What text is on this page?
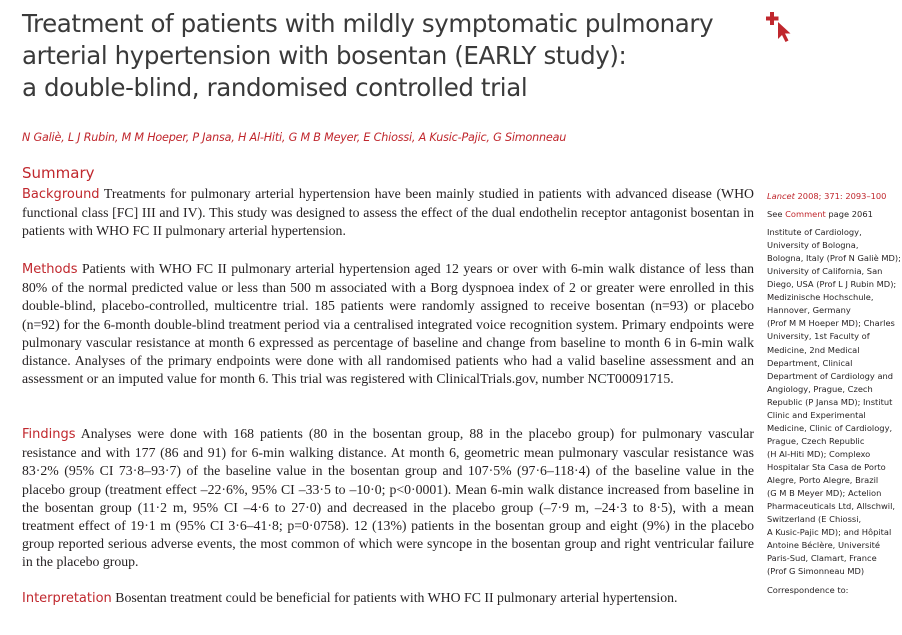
Treatment of patients with mildly symptomatic pulmonary
arterial hypertension with bosentan (EARLY study):
a double-blind, randomised controlled trial
N Galiè, L J Rubin, M M Hoeper, P Jansa, H Al-Hiti, G M B Meyer, E Chiossi, A Kusic-Pajic, G Simonneau
Summary

Background Treatments for pulmonary arterial hypertension have been mainly studied in patients with advanced disease (WHO functional class [FC] III and IV). This study was designed to assess the effect of the dual endothelin receptor antagonist bosentan in patients with WHO FC II pulmonary arterial hypertension.

Methods Patients with WHO FC II pulmonary arterial hypertension aged 12 years or over with 6-min walk distance of less than 80% of the normal predicted value or less than 500 m associated with a Borg dyspnoea index of 2 or greater were enrolled in this double-blind, placebo-controlled, multicentre trial. 185 patients were randomly assigned to receive bosentan (n=93) or placebo (n=92) for the 6-month double-blind treatment period via a centralised integrated voice recognition system. Primary endpoints were pulmonary vascular resistance at month 6 expressed as percentage of baseline and change from baseline to month 6 in 6-min walk distance. Analyses of the primary endpoints were done with all randomised patients who had a valid baseline assessment and an assessment or an imputed value for month 6. This trial was registered with ClinicalTrials.gov, number NCT00091715.

Findings Analyses were done with 168 patients (80 in the bosentan group, 88 in the placebo group) for pulmonary vascular resistance and with 177 (86 and 91) for 6-min walking distance. At month 6, geometric mean pulmonary vascular resistance was 83·2% (95% CI 73·8–93·7) of the baseline value in the bosentan group and 107·5% (97·6–118·4) of the baseline value in the placebo group (treatment effect –22·6%, 95% CI –33·5 to –10·0; p<0·0001). Mean 6-min walk distance increased from baseline in the bosentan group (11·2 m, 95% CI –4·6 to 27·0) and decreased in the placebo group (–7·9 m, –24·3 to 8·5), with a mean treatment effect of 19·1 m (95% CI 3·6–41·8; p=0·0758). 12 (13%) patients in the bosentan group and eight (9%) in the placebo group reported serious adverse events, the most common of which were syncope in the bosentan group and right ventricular failure in the placebo group.

Interpretation Bosentan treatment could be beneficial for patients with WHO FC II pulmonary arterial hypertension.

Lancet 2008; 371: 2093–100
See Comment page 2061
Institute of Cardiology,
University of Bologna,
Bologna, Italy (Prof N Galiè MD);
University of California, San
Diego, USA (Prof L J Rubin MD);
Medizinische Hochschule,
Hannover, Germany
(Prof M M Hoeper MD); Charles
University, 1st Faculty of
Medicine, 2nd Medical
Department, Clinical
Department of Cardiology and
Angiology, Prague, Czech
Republic (P Jansa MD); Institut
Clinic and Experimental
Medicine, Clinic of Cardiology,
Prague, Czech Republic
(H Al-Hiti MD); Complexo
Hospitalar Sta Casa de Porto
Alegre, Porto Alegre, Brazil
(G M B Meyer MD); Actelion
Pharmaceuticals Ltd, Allschwil,
Switzerland (E Chiossi,
A Kusic-Pajic MD); and Hôpital
Antoine Béclère, Université
Paris-Sud, Clamart, France
(Prof G Simonneau MD)
Correspondence to:
